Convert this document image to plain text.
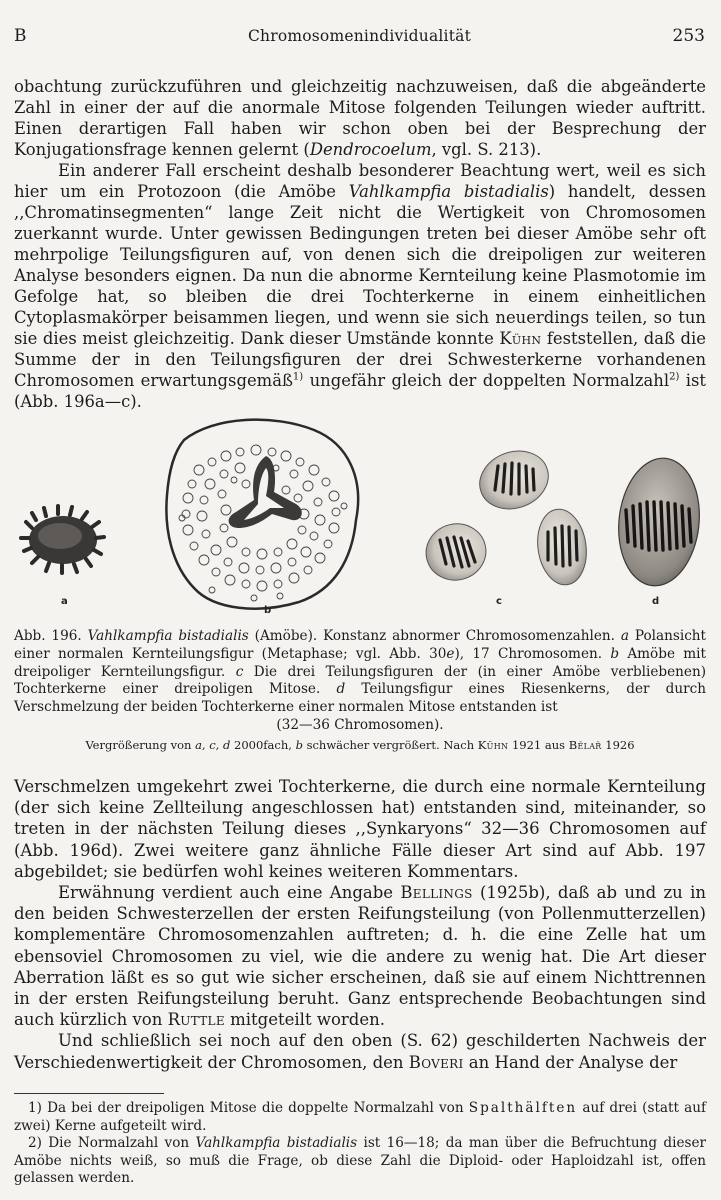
B	Chromosomenindividualität	253

obachtung zurückzuführen und gleichzeitig nachzuweisen, daß die abgeänderte Zahl in einer der auf die anormale Mitose folgenden Teilungen wieder auftritt. Einen derartigen Fall haben wir schon oben bei der Besprechung der Konjugationsfrage kennen gelernt (Dendrocoelum, vgl. S. 213).

Ein anderer Fall erscheint deshalb besonderer Beachtung wert, weil es sich hier um ein Protozoon (die Amöbe Vahlkampfia bistadialis) handelt, dessen ,,Chromatinsegmenten“ lange Zeit nicht die Wertigkeit von Chromosomen zuerkannt wurde. Unter gewissen Bedingungen treten bei dieser Amöbe sehr oft mehrpolige Teilungsfiguren auf, von denen sich die dreipoligen zur weiteren Analyse besonders eignen. Da nun die abnorme Kernteilung keine Plasmotomie im Gefolge hat, so bleiben die drei Tochterkerne in einem einheitlichen Cytoplasmakörper beisammen liegen, und wenn sie sich neuerdings teilen, so tun sie dies meist gleichzeitig. Dank dieser Umstände konnte Kühn feststellen, daß die Summe der in den Teilungsfiguren der drei Schwesterkerne vorhandenen Chromosomen erwartungsgemäß$^{1)}$ ungefähr gleich der doppelten Normalzahl$^{2)}$ ist (Abb. 196a—c).

a
b
c	d

Abb. 196. Vahlkampfia bistadialis (Amöbe). Konstanz abnormer Chromosomenzahlen. a Polansicht einer normalen Kernteilungsfigur (Metaphase; vgl. Abb. 30e), 17 Chromosomen. b Amöbe mit dreipoliger Kernteilungsfigur. c Die drei Teilungsfiguren der (in einer Amöbe verbliebenen) Tochterkerne einer dreipoligen Mitose. d Teilungsfigur eines Riesenkerns, der durch Verschmelzung der beiden Tochterkerne einer normalen Mitose entstanden ist

(32—36 Chromosomen).

Vergrößerung von a, c, d 2000fach, b schwächer vergrößert. Nach Kühn 1921 aus Bělař 1926

Verschmelzen umgekehrt zwei Tochterkerne, die durch eine normale Kernteilung (der sich keine Zellteilung angeschlossen hat) entstanden sind, miteinander, so treten in der nächsten Teilung dieses ,,Synkaryons“ 32—36 Chromosomen auf (Abb. 196d). Zwei weitere ganz ähnliche Fälle dieser Art sind auf Abb. 197 abgebildet; sie bedürfen wohl keines weiteren Kommentars.

Erwähnung verdient auch eine Angabe Bellings (1925b), daß ab und zu in den beiden Schwesterzellen der ersten Reifungsteilung (von Pollenmutterzellen) komplementäre Chromosomenzahlen auftreten; d. h. die eine Zelle hat um ebensoviel Chromosomen zu viel, wie die andere zu wenig hat. Die Art dieser Aberration läßt es so gut wie sicher erscheinen, daß sie auf einem Nichttrennen in der ersten Reifungsteilung beruht. Ganz entsprechende Beobachtungen sind auch kürzlich von Ruttle mitgeteilt worden.

Und schließlich sei noch auf den oben (S. 62) geschilderten Nachweis der Verschiedenwertigkeit der Chromosomen, den Boveri an Hand der Analyse der

1) Da bei der dreipoligen Mitose die doppelte Normalzahl von Spalthälften auf drei (statt auf zwei) Kerne aufgeteilt wird.

2) Die Normalzahl von Vahlkampfia bistadialis ist 16—18; da man über die Befruchtung dieser Amöbe nichts weiß, so muß die Frage, ob diese Zahl die Diploid- oder Haploidzahl ist, offen gelassen werden.
